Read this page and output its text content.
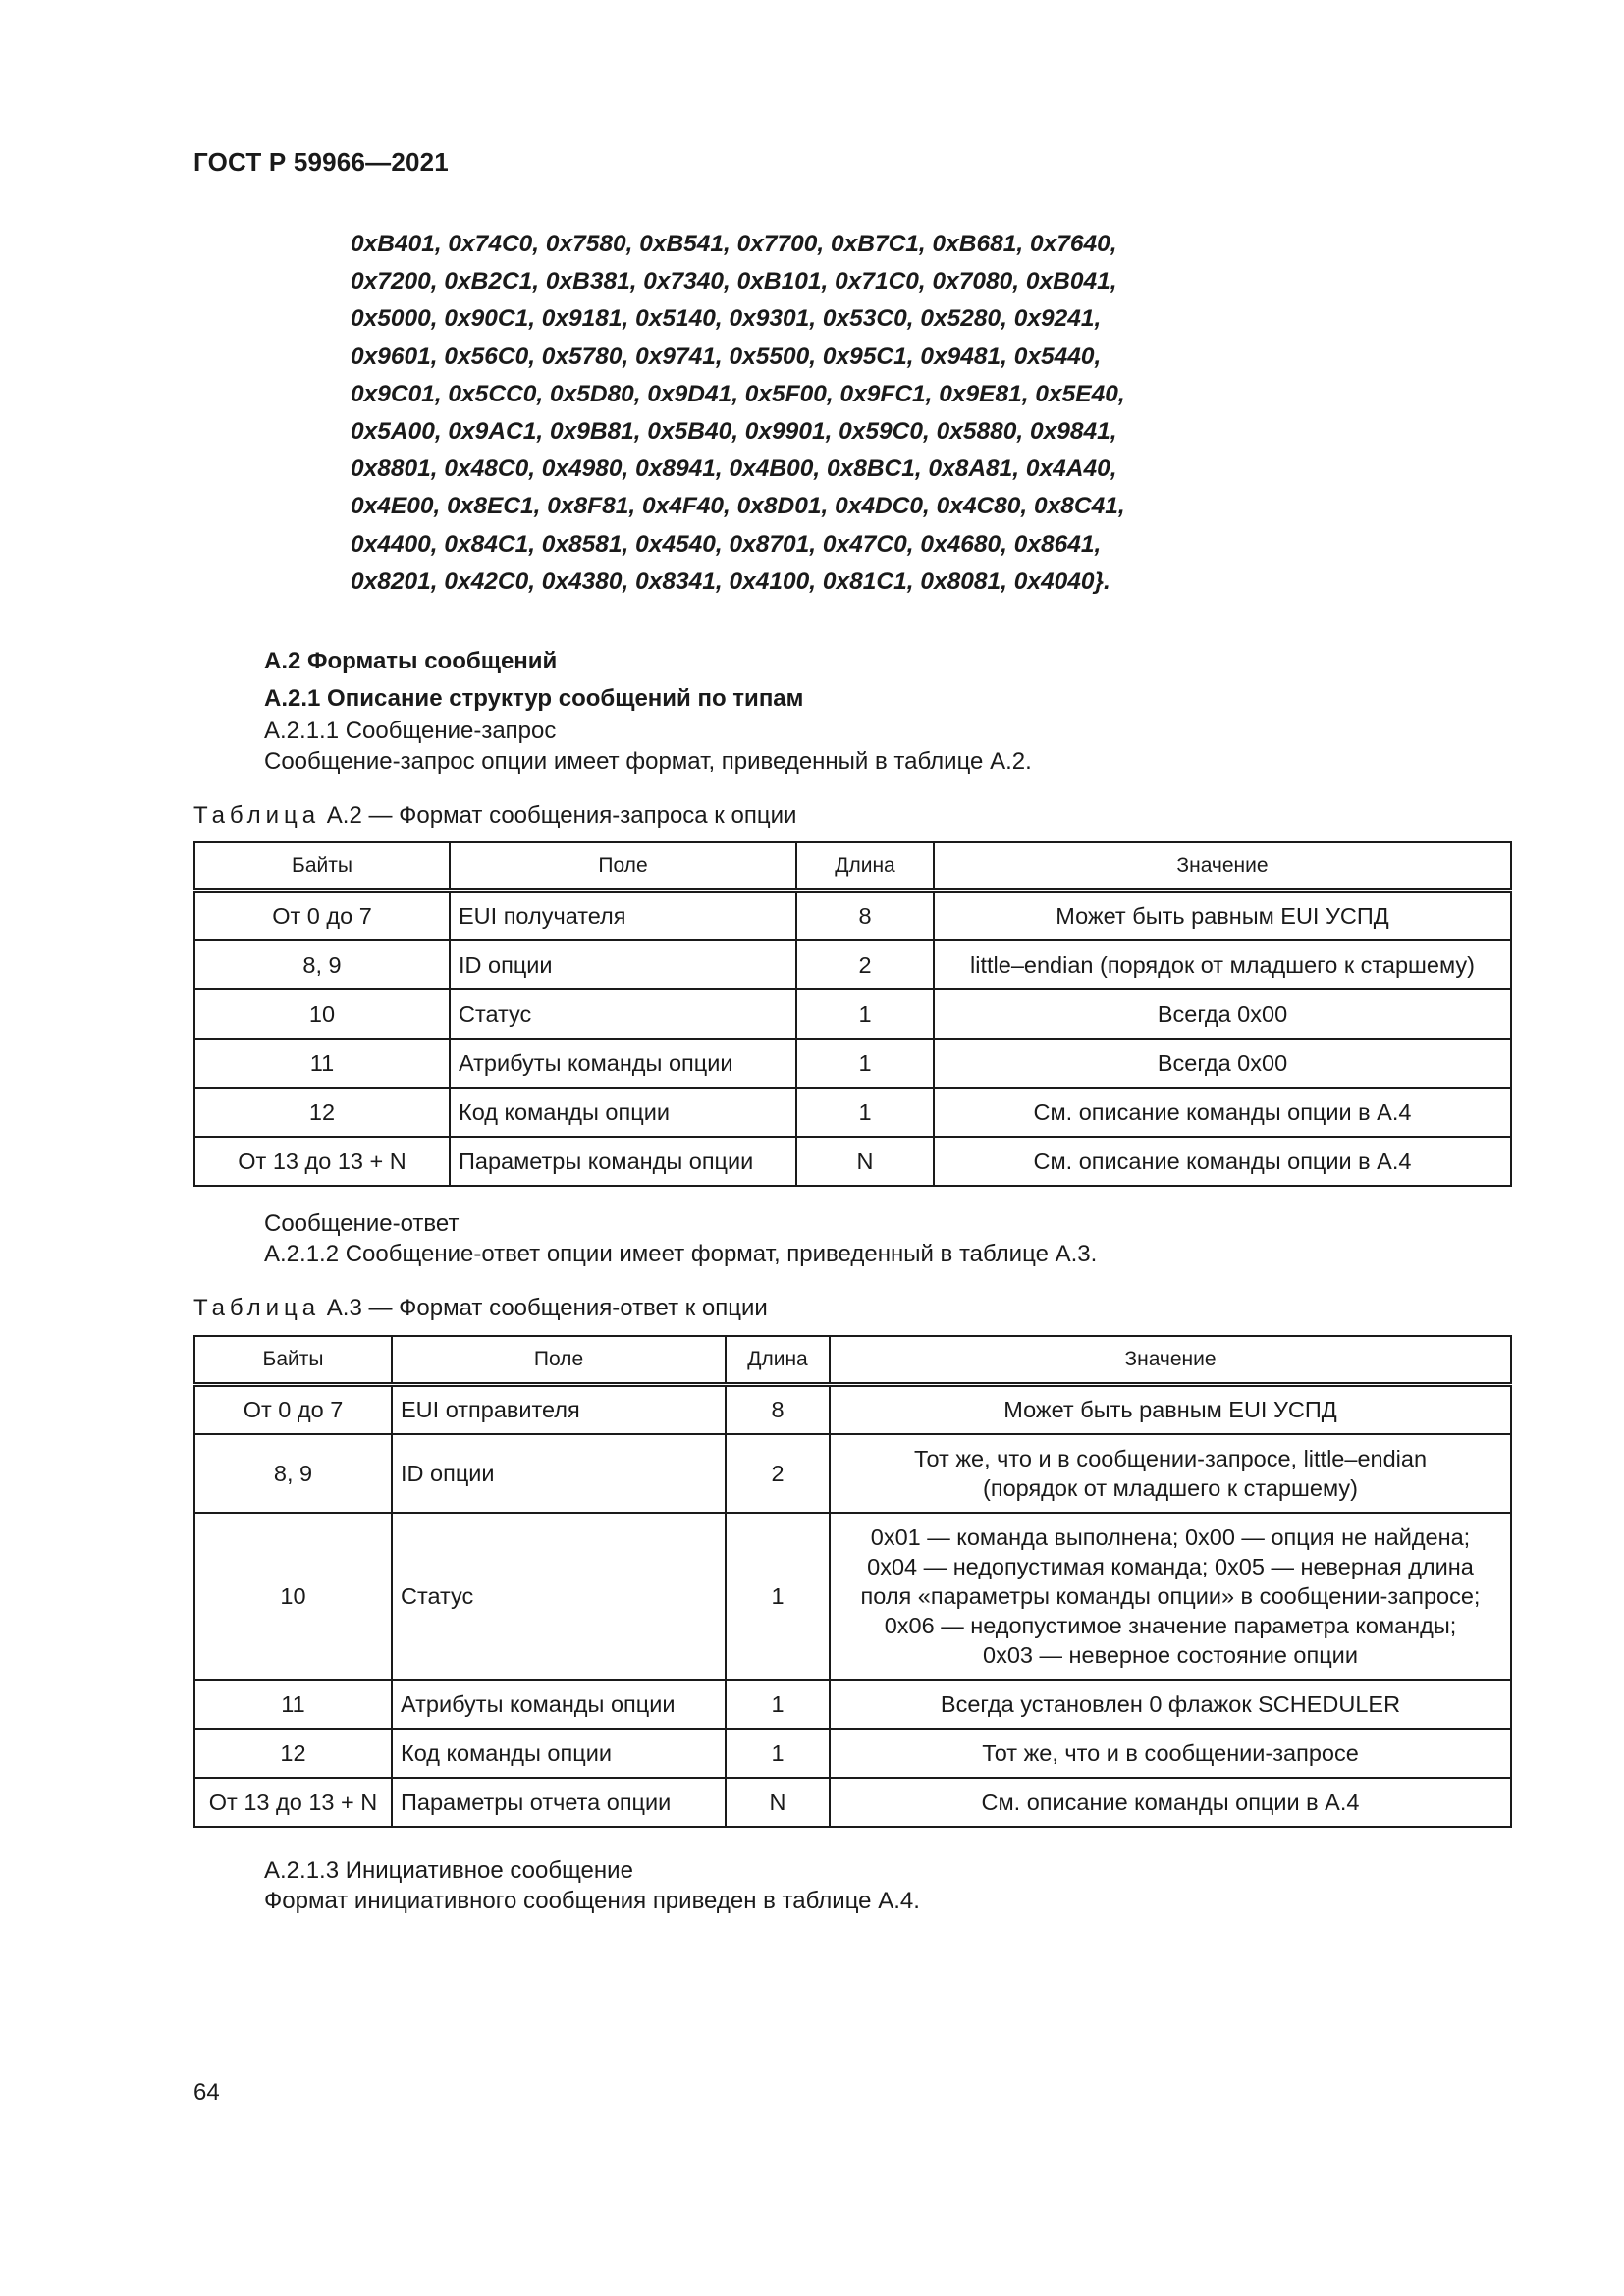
ГОСТ Р 59966—2021
0xB401, 0x74C0, 0x7580, 0xB541, 0x7700, 0xB7C1, 0xB681, 0x7640,
0x7200, 0xB2C1, 0xB381, 0x7340, 0xB101, 0x71C0, 0x7080, 0xB041,
0x5000, 0x90C1, 0x9181, 0x5140, 0x9301, 0x53C0, 0x5280, 0x9241,
0x9601, 0x56C0, 0x5780, 0x9741, 0x5500, 0x95C1, 0x9481, 0x5440,
0x9C01, 0x5CC0, 0x5D80, 0x9D41, 0x5F00, 0x9FC1, 0x9E81, 0x5E40,
0x5A00, 0x9AC1, 0x9B81, 0x5B40, 0x9901, 0x59C0, 0x5880, 0x9841,
0x8801, 0x48C0, 0x4980, 0x8941, 0x4B00, 0x8BC1, 0x8A81, 0x4A40,
0x4E00, 0x8EC1, 0x8F81, 0x4F40, 0x8D01, 0x4DC0, 0x4C80, 0x8C41,
0x4400, 0x84C1, 0x8581, 0x4540, 0x8701, 0x47C0, 0x4680, 0x8641,
0x8201, 0x42C0, 0x4380, 0x8341, 0x4100, 0x81C1, 0x8081, 0x4040}.
А.2 Форматы сообщений
А.2.1 Описание структур сообщений по типам
А.2.1.1 Сообщение-запрос
Сообщение-запрос опции имеет формат, приведенный в таблице А.2.
Таблица А.2 — Формат сообщения-запроса к опции
Байты	Поле	Длина	Значение
От 0 до 7	EUI получателя	8	Может быть равным EUI УСПД
8, 9	ID опции	2	little–endian (порядок от младшего к старшему)
10	Статус	1	Всегда 0x00
11	Атрибуты команды опции	1	Всегда 0x00
12	Код команды опции	1	См. описание команды опции в А.4
От 13 до 13 + N	Параметры команды опции	N	См. описание команды опции в А.4
Сообщение-ответ
А.2.1.2 Сообщение-ответ опции имеет формат, приведенный в таблице А.3.
Таблица А.3 — Формат сообщения-ответ к опции
Байты	Поле	Длина	Значение
От 0 до 7	EUI отправителя	8	Может быть равным EUI УСПД

8, 9	ID опции	2	Тот же, что и в сообщении-запросе, little–endian
(порядок от младшего к старшему)

10	Статус	1	0x01 — команда выполнена; 0x00 — опция не найдена;
0x04 — недопустимая команда; 0x05 — неверная длина
поля «параметры команды опции» в сообщении-запросе;
0x06 — недопустимое значение параметра команды;
0x03 — неверное состояние опции

11	Атрибуты команды опции	1	Всегда установлен 0 флажок SCHEDULER

12	Код команды опции	1	Тот же, что и в сообщении-запросе

От 13 до 13 + N	Параметры отчета опции	N	См. описание команды опции в А.4
А.2.1.3 Инициативное сообщение
Формат инициативного сообщения приведен в таблице А.4.
64
